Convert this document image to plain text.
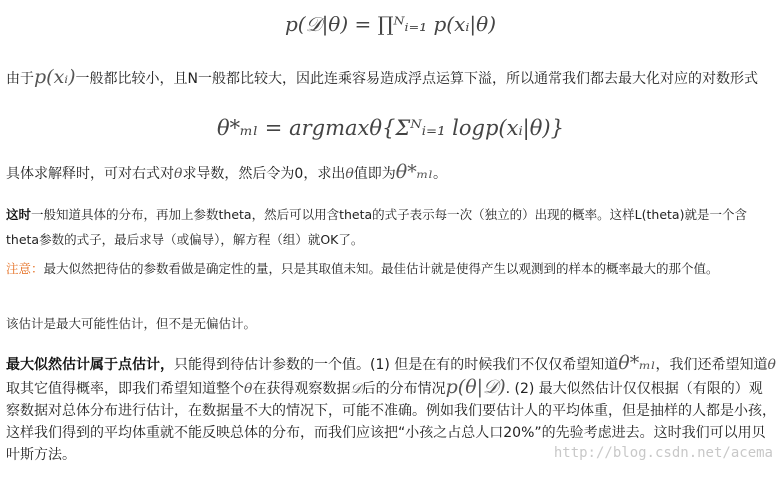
p(𝒟|θ) = ∏ᴺᵢ₌₁ p(xᵢ|θ)
由于p(xᵢ)一般都比较小，且N一般都比较大，因此连乘容易造成浮点运算下溢，所以通常我们都去最大化对应的对数形式
θ*ₘₗ = argmaxθ{Σᴺᵢ₌₁ logp(xᵢ|θ)}
具体求解释时，可对右式对θ求导数，然后令为0，求出θ值即为θ*ₘₗ。
这时一般知道具体的分布，再加上参数theta，然后可以用含theta的式子表示每一次（独立的）出现的概率。这样L(theta)就是一个含theta参数的式子，最后求导（或偏导），解方程（组）就OK了。
注意：最大似然把待估的参数看做是确定性的量，只是其取值未知。最佳估计就是使得产生以观测到的样本的概率最大的那个值。
该估计是最大可能性估计，但不是无偏估计。
最大似然估计属于点估计，只能得到待估计参数的一个值。(1) 但是在有的时候我们不仅仅希望知道θ*ₘₗ，我们还希望知道θ取其它值得概率，即我们希望知道整个θ在获得观察数据𝒟后的分布情况p(θ|𝒟). (2) 最大似然估计仅仅根据（有限的）观察数据对总体分布进行估计，在数据量不大的情况下，可能不准确。例如我们要估计人的平均体重，但是抽样的人都是小孩，这样我们得到的平均体重就不能反映总体的分布，而我们应该把“小孩之占总人口20%”的先验考虑进去。这时我们可以用贝叶斯方法。	http://blog.csdn.net/acema
